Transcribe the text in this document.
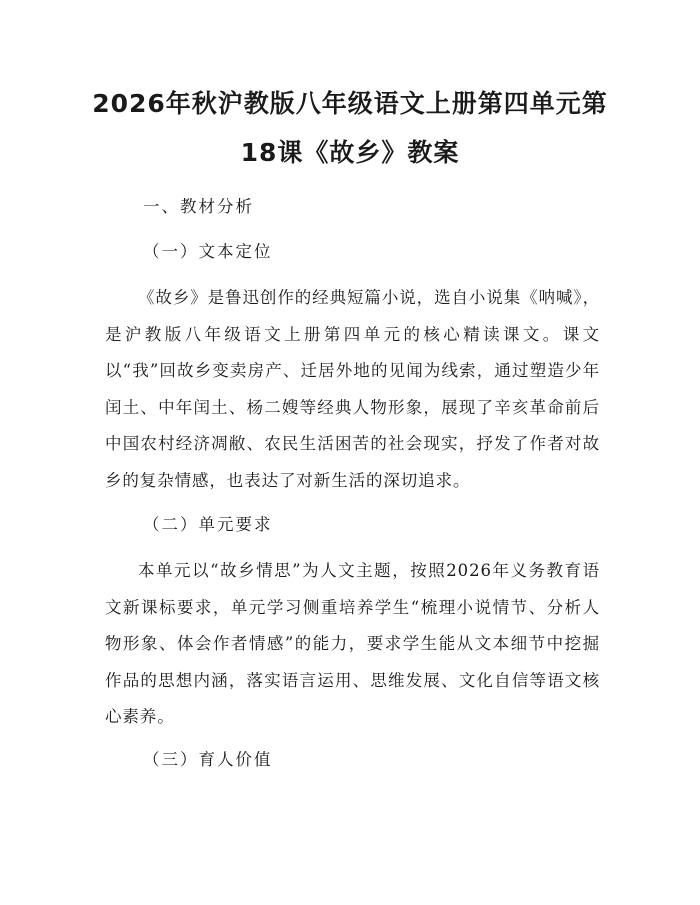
2026年秋沪教版八年级语文上册第四单元第
18课《故乡》教案

一、教材分析

（一）文本定位

《故乡》是鲁迅创作的经典短篇小说，选自小说集《呐喊》，是沪教版八年级语文上册第四单元的核心精读课文。课文以“我”回故乡变卖房产、迁居外地的见闻为线索，通过塑造少年闰土、中年闰土、杨二嫂等经典人物形象，展现了辛亥革命前后中国农村经济凋敝、农民生活困苦的社会现实，抒发了作者对故乡的复杂情感，也表达了对新生活的深切追求。

（二）单元要求

本单元以“故乡情思”为人文主题，按照2026年义务教育语文新课标要求，单元学习侧重培养学生“梳理小说情节、分析人物形象、体会作者情感”的能力，要求学生能从文本细节中挖掘作品的思想内涵，落实语言运用、思维发展、文化自信等语文核心素养。

（三）育人价值
